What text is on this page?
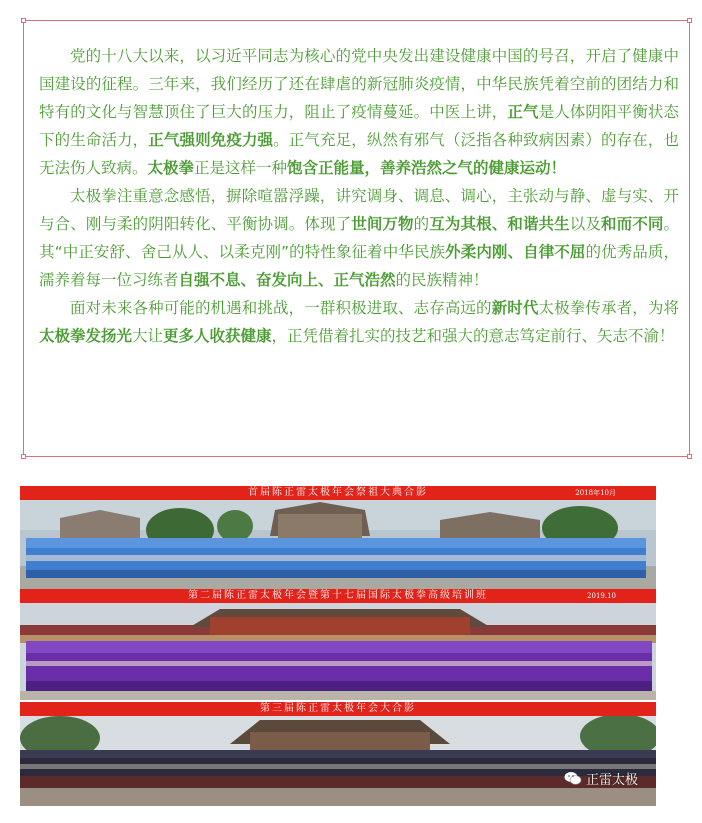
党的十八大以来，以习近平同志为核心的党中央发出建设健康中国的号召，开启了健康中国建设的征程。三年来，我们经历了还在肆虐的新冠肺炎疫情，中华民族凭着空前的团结力和特有的文化与智慧顶住了巨大的压力，阻止了疫情蔓延。中医上讲，正气是人体阴阳平衡状态下的生命活力，正气强则免疫力强。正气充足，纵然有邪气（泛指各种致病因素）的存在，也无法伤人致病。太极拳正是这样一种饱含正能量，善养浩然之气的健康运动！

太极拳注重意念感悟，摒除喧嚣浮躁，讲究调身、调息、调心，主张动与静、虚与实、开与合、刚与柔的阴阳转化、平衡协调。体现了世间万物的互为其根、和谐共生以及和而不同。其“中正安舒、舍己从人、以柔克刚”的特性象征着中华民族外柔内刚、自律不屈的优秀品质，濡养着每一位习练者自强不息、奋发向上、正气浩然的民族精神！

面对未来各种可能的机遇和挑战，一群积极进取、志存高远的新时代太极拳传承者，为将太极拳发扬光大让更多人收获健康，正凭借着扎实的技艺和强大的意志笃定前行、矢志不渝！

首届陈正雷太极年会祭祖大典合影	2018年10月
第二届陈正雷太极年会暨第十七届国际太极拳高级培训班	2019.10
第三届陈正雷太极年会大合影
正雷太极
